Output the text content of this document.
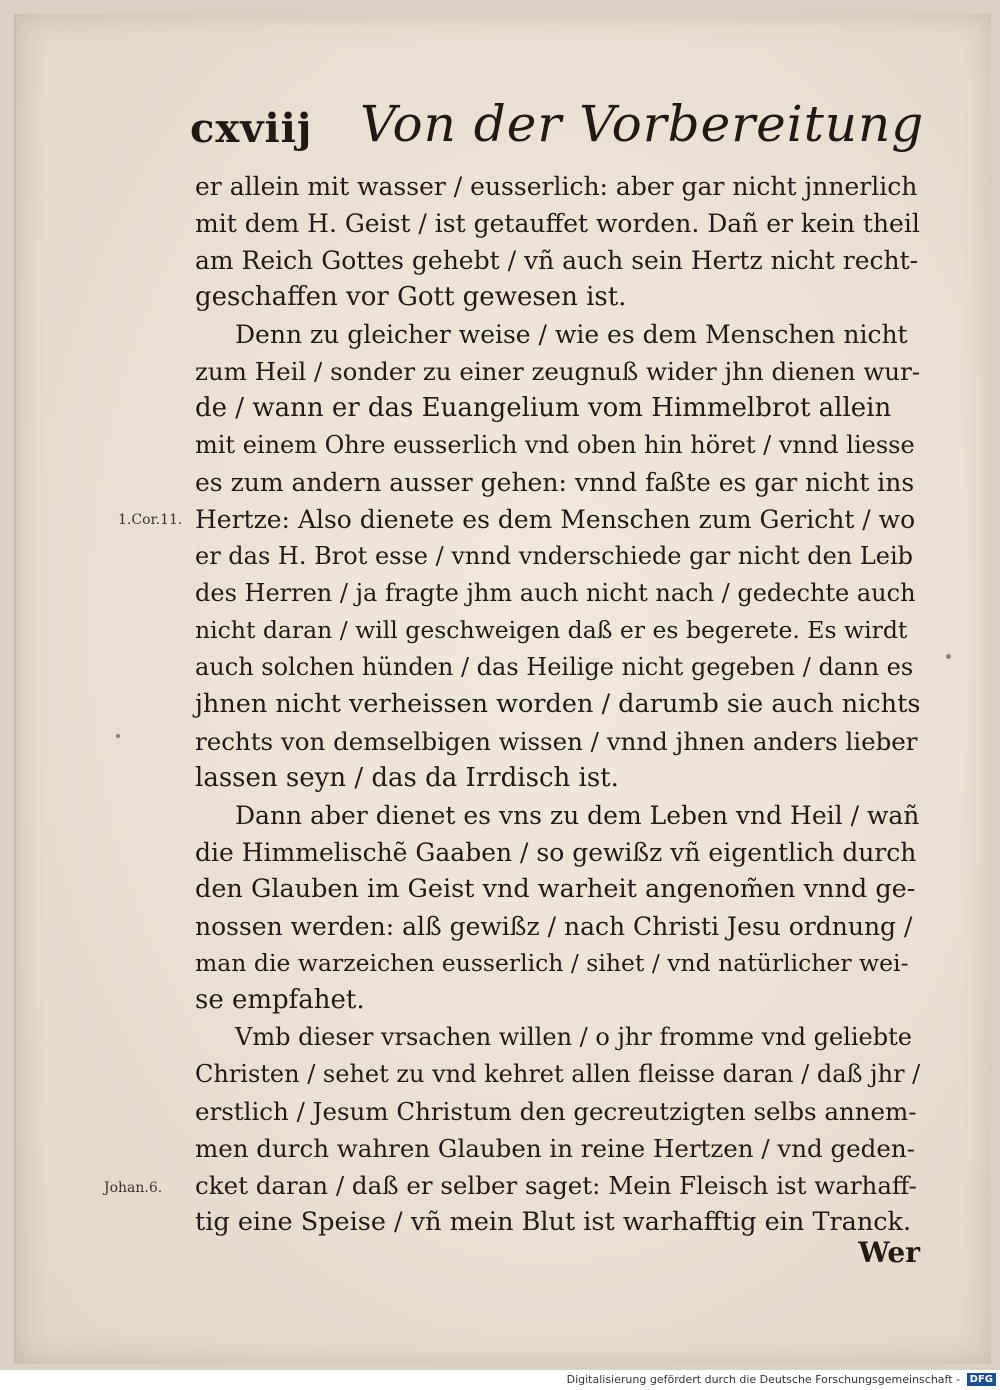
cxviij Von der Vorbereitung
1.Cor.11.
Johan.6.
er allein mit wasser / eusserlich: aber gar nicht jnnerlich
mit dem H. Geist / ist getauffet worden. Dañ er kein theil
am Reich Gottes gehebt / vñ auch sein Hertz nicht recht-
geschaffen vor Gott gewesen ist.
Denn zu gleicher weise / wie es dem Menschen nicht
zum Heil / sonder zu einer zeugnuß wider jhn dienen wur-
de / wann er das Euangelium vom Himmelbrot allein
mit einem Ohre eusserlich vnd oben hin höret / vnnd liesse
es zum andern ausser gehen: vnnd faßte es gar nicht ins
Hertze: Also dienete es dem Menschen zum Gericht / wo
er das H. Brot esse / vnnd vnderschiede gar nicht den Leib
des Herren / ja fragte jhm auch nicht nach / gedechte auch
nicht daran / will geschweigen daß er es begerete. Es wirdt
auch solchen hünden / das Heilige nicht gegeben / dann es
jhnen nicht verheissen worden / darumb sie auch nichts
rechts von demselbigen wissen / vnnd jhnen anders lieber
lassen seyn / das da Irrdisch ist.
Dann aber dienet es vns zu dem Leben vnd Heil / wañ
die Himmelischẽ Gaaben / so gewißz vñ eigentlich durch
den Glauben im Geist vnd warheit angenom̃en vnnd ge-
nossen werden: alß gewißz / nach Christi Jesu ordnung /
man die warzeichen eusserlich / sihet / vnd natürlicher wei-
se empfahet.
Vmb dieser vrsachen willen / o jhr fromme vnd geliebte
Christen / sehet zu vnd kehret allen fleisse daran / daß jhr /
erstlich / Jesum Christum den gecreutzigten selbs annem-
men durch wahren Glauben in reine Hertzen / vnd geden-
cket daran / daß er selber saget: Mein Fleisch ist warhaff-
tig eine Speise / vñ mein Blut ist warhafftig ein Tranck.
Wer
Digitalisierung gefördert durch die Deutsche Forschungsgemeinschaft - DFG
